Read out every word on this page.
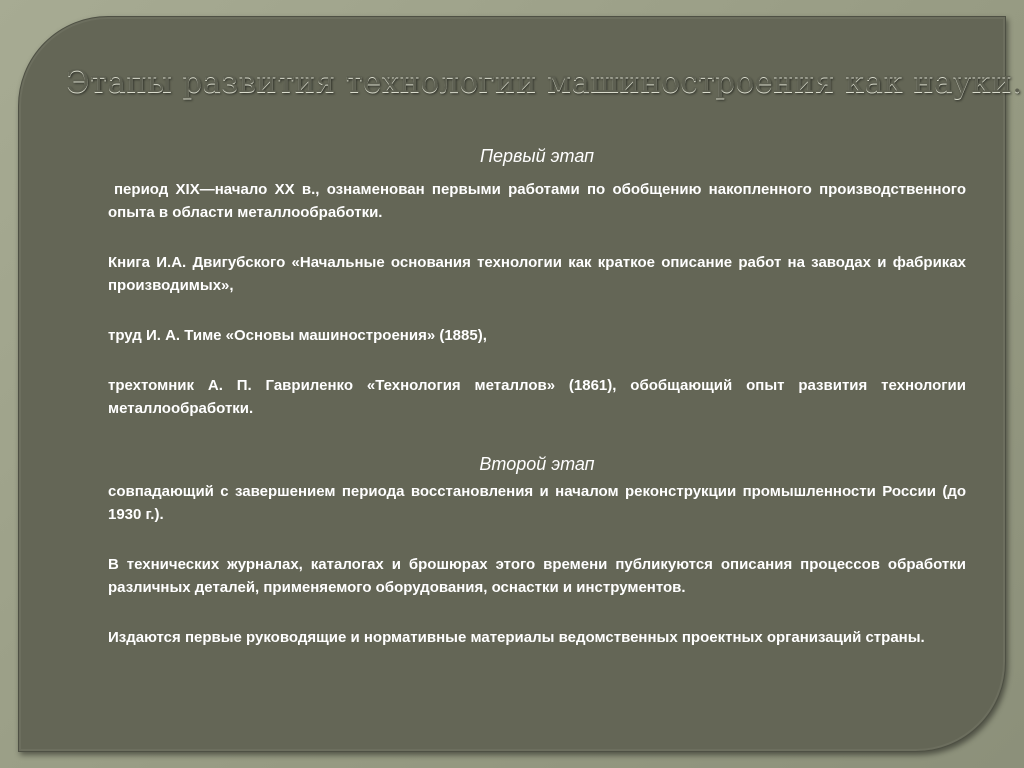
Этапы развития технологии машиностроения как науки.
Первый этап

период XIX—начало XX в., ознаменован первыми работами по обобщению накопленного производственного опыта в области металлообработки.

Книга И.А. Двигубского «Начальные основания технологии как краткое описание работ на заводах и фабриках производимых»,

труд И. А. Тиме «Основы машиностроения» (1885),

трехтомник А. П. Гавриленко «Технология металлов» (1861), обобщающий опыт развития технологии металлообработки.

Второй этап

совпадающий с завершением периода восстановления и началом реконструкции промышленности России (до 1930 г.).

В технических журналах, каталогах и брошюрах этого времени публикуются описания процессов обработки различных деталей, применяемого оборудования, оснастки и инструментов.

Издаются первые руководящие и нормативные материалы ведомственных проектных организаций страны.
